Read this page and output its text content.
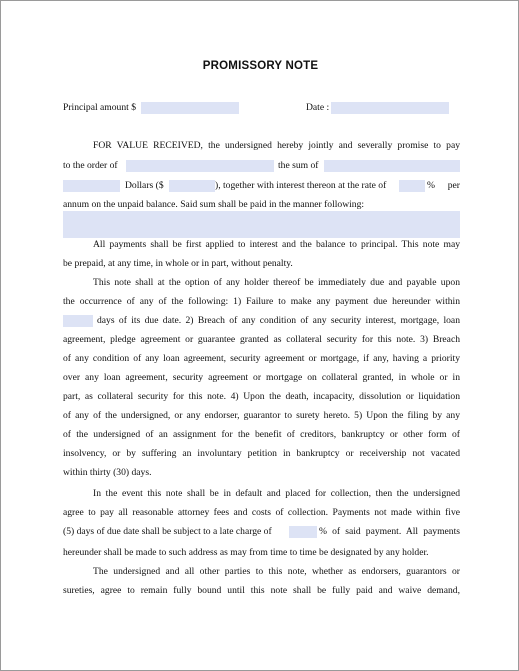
PROMISSORY NOTE
Principal amount $	Date :
FOR VALUE RECEIVED, the undersigned hereby jointly and severally promise to pay
to the order of	the sum of
Dollars ($	), together with interest thereon at the rate of	% per
annum on the unpaid balance. Said sum shall be paid in the manner following:
All payments shall be first applied to interest and the balance to principal. This note may
be prepaid, at any time, in whole or in part, without penalty.
This note shall at the option of any holder thereof be immediately due and payable upon
the occurrence of any of the following: 1) Failure to make any payment due hereunder within
days of its due date. 2) Breach of any condition of any security interest, mortgage, loan
agreement, pledge agreement or guarantee granted as collateral security for this note. 3) Breach
of any condition of any loan agreement, security agreement or mortgage, if any, having a priority
over any loan agreement, security agreement or mortgage on collateral granted, in whole or in
part, as collateral security for this note. 4) Upon the death, incapacity, dissolution or liquidation
of any of the undersigned, or any endorser, guarantor to surety hereto. 5) Upon the filing by any
of the undersigned of an assignment for the benefit of creditors, bankruptcy or other form of
insolvency, or by suffering an involuntary petition in bankruptcy or receivership not vacated
within thirty (30) days.
In the event this note shall be in default and placed for collection, then the undersigned
agree to pay all reasonable attorney fees and costs of collection. Payments not made within five
(5) days of due date shall be subject to a late charge of	% of said payment. All payments
hereunder shall be made to such address as may from time to time be designated by any holder.
The undersigned and all other parties to this note, whether as endorsers, guarantors or
sureties, agree to remain fully bound until this note shall be fully paid and waive demand,
